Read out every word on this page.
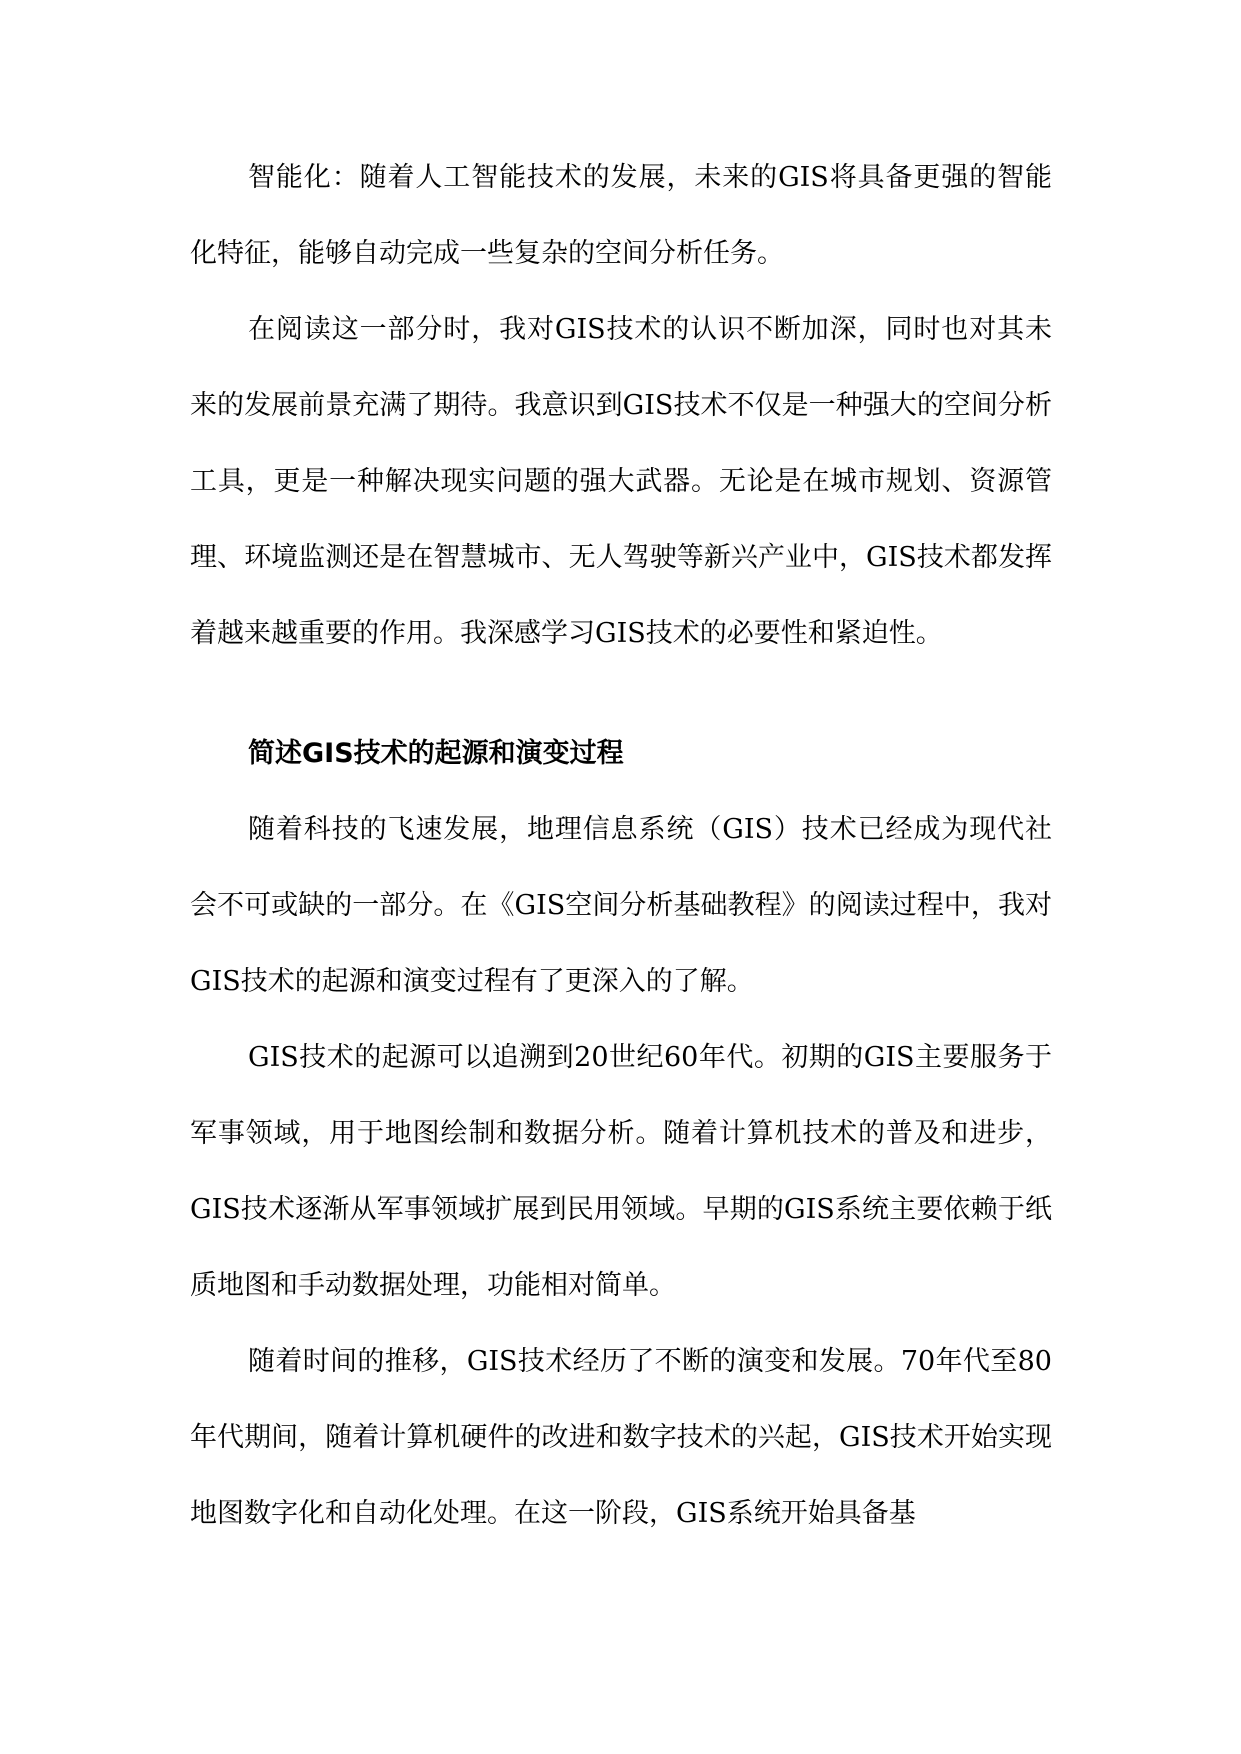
智能化：随着人工智能技术的发展，未来的GIS将具备更强的智能化特征，能够自动完成一些复杂的空间分析任务。

在阅读这一部分时，我对GIS技术的认识不断加深，同时也对其未来的发展前景充满了期待。我意识到GIS技术不仅是一种强大的空间分析工具，更是一种解决现实问题的强大武器。无论是在城市规划、资源管理、环境监测还是在智慧城市、无人驾驶等新兴产业中，GIS技术都发挥着越来越重要的作用。我深感学习GIS技术的必要性和紧迫性。

简述GIS技术的起源和演变过程

随着科技的飞速发展，地理信息系统（GIS）技术已经成为现代社会不可或缺的一部分。在《GIS空间分析基础教程》的阅读过程中，我对GIS技术的起源和演变过程有了更深入的了解。

GIS技术的起源可以追溯到20世纪60年代。初期的GIS主要服务于军事领域，用于地图绘制和数据分析。随着计算机技术的普及和进步，GIS技术逐渐从军事领域扩展到民用领域。早期的GIS系统主要依赖于纸质地图和手动数据处理，功能相对简单。

随着时间的推移，GIS技术经历了不断的演变和发展。70年代至80年代期间，随着计算机硬件的改进和数字技术的兴起，GIS技术开始实现地图数字化和自动化处理。在这一阶段，GIS系统开始具备基
